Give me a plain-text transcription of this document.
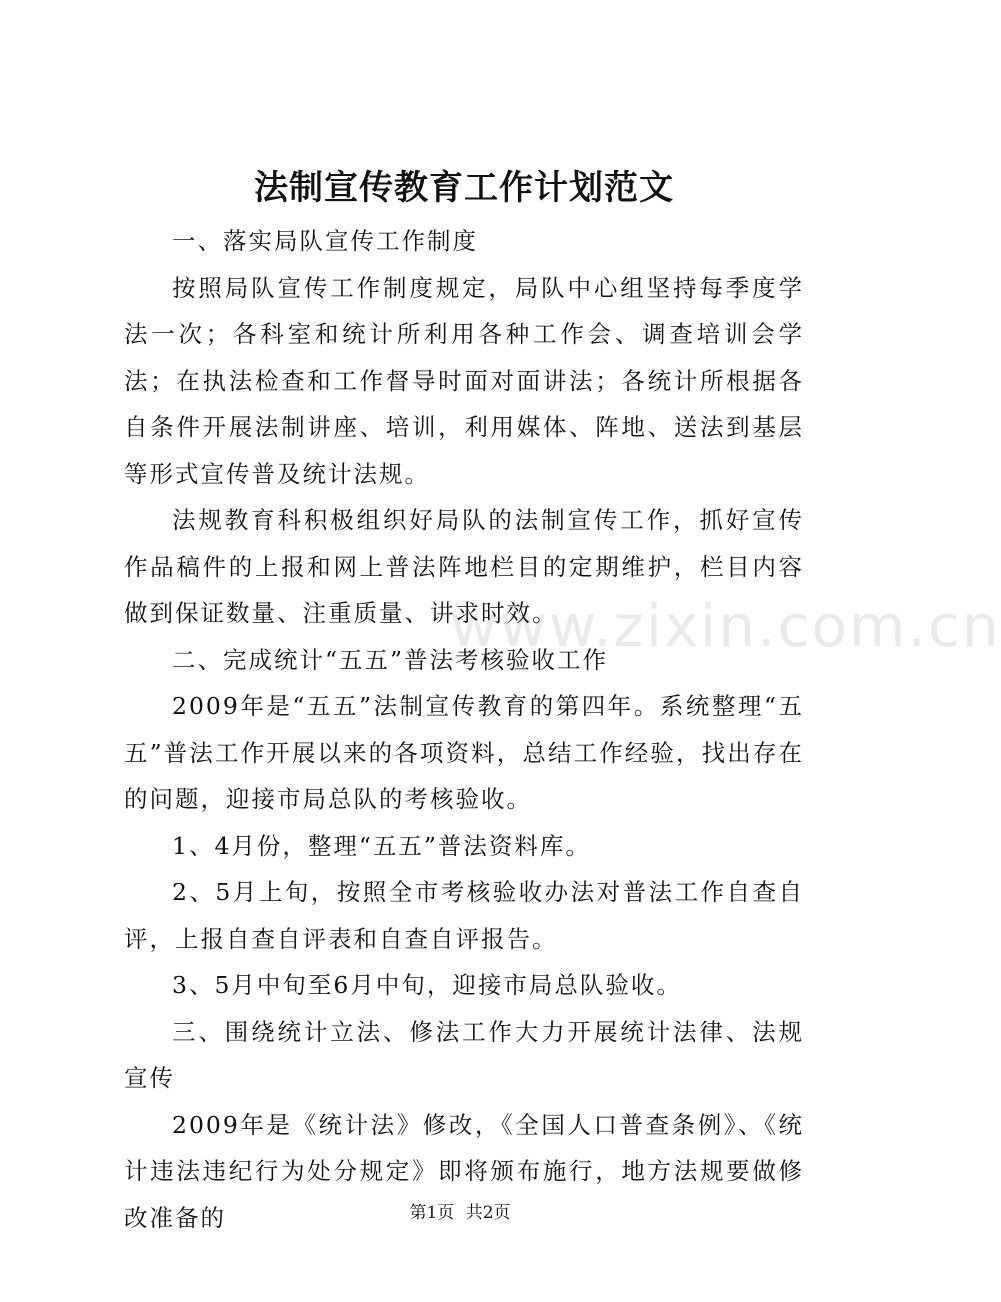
www.zixin.com.cn
法制宣传教育工作计划范文

一、落实局队宣传工作制度

按照局队宣传工作制度规定，局队中心组坚持每季度学法一次；各科室和统计所利用各种工作会、调查培训会学法；在执法检查和工作督导时面对面讲法；各统计所根据各自条件开展法制讲座、培训，利用媒体、阵地、送法到基层等形式宣传普及统计法规。

法规教育科积极组织好局队的法制宣传工作，抓好宣传作品稿件的上报和网上普法阵地栏目的定期维护，栏目内容做到保证数量、注重质量、讲求时效。

二、完成统计“五五”普法考核验收工作

2009年是“五五”法制宣传教育的第四年。系统整理“五五”普法工作开展以来的各项资料，总结工作经验，找出存在的问题，迎接市局总队的考核验收。

1、4月份，整理“五五”普法资料库。

2、5月上旬，按照全市考核验收办法对普法工作自查自评，上报自查自评表和自查自评报告。

3、5月中旬至6月中旬，迎接市局总队验收。

三、围绕统计立法、修法工作大力开展统计法律、法规宣传

2009年是《统计法》修改，《全国人口普查条例》、《统计违法违纪行为处分规定》即将颁布施行，地方法规要做修改准备的	第1页 共2页
